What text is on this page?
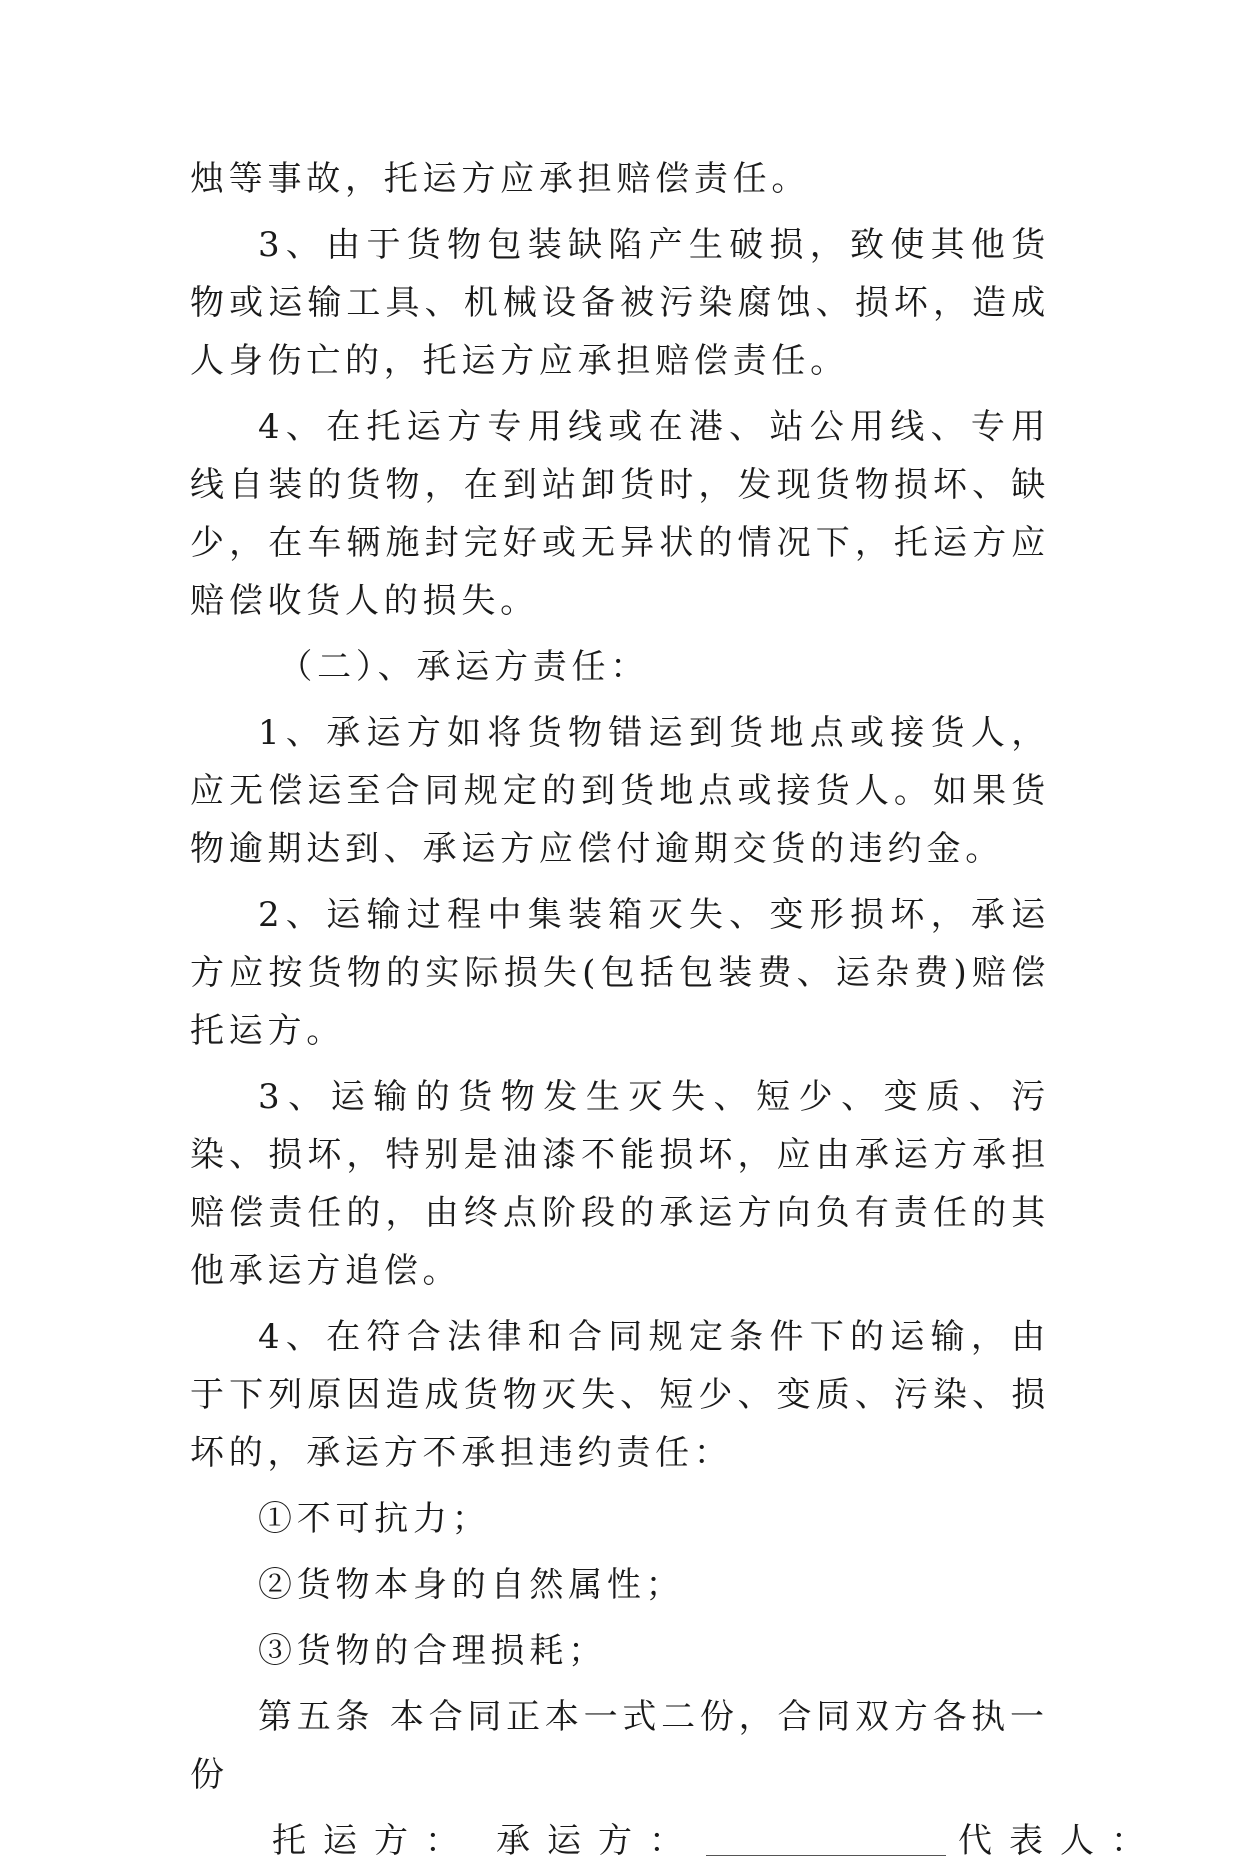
烛等事故，托运方应承担赔偿责任。

3、由于货物包装缺陷产生破损，致使其他货物或运输工具、机械设备被污染腐蚀、损坏，造成人身伤亡的，托运方应承担赔偿责任。

4、在托运方专用线或在港、站公用线、专用线自装的货物，在到站卸货时，发现货物损坏、缺少，在车辆施封完好或无异状的情况下，托运方应赔偿收货人的损失。

（二）、承运方责任：

1、承运方如将货物错运到货地点或接货人，应无偿运至合同规定的到货地点或接货人。如果货物逾期达到、承运方应偿付逾期交货的违约金。

2、运输过程中集装箱灭失、变形损坏，承运方应按货物的实际损失(包括包装费、运杂费)赔偿托运方。

3、运输的货物发生灭失、短少、变质、污染、损坏，特别是油漆不能损坏，应由承运方承担赔偿责任的，由终点阶段的承运方向负有责任的其他承运方追偿。

4、在符合法律和合同规定条件下的运输，由于下列原因造成货物灭失、短少、变质、污染、损坏的，承运方不承担违约责任：

①不可抗力；

②货物本身的自然属性；

③货物的合理损耗；

第五条 本合同正本一式二份，合同双方各执一份

托运方： 承运方：	代表人：
